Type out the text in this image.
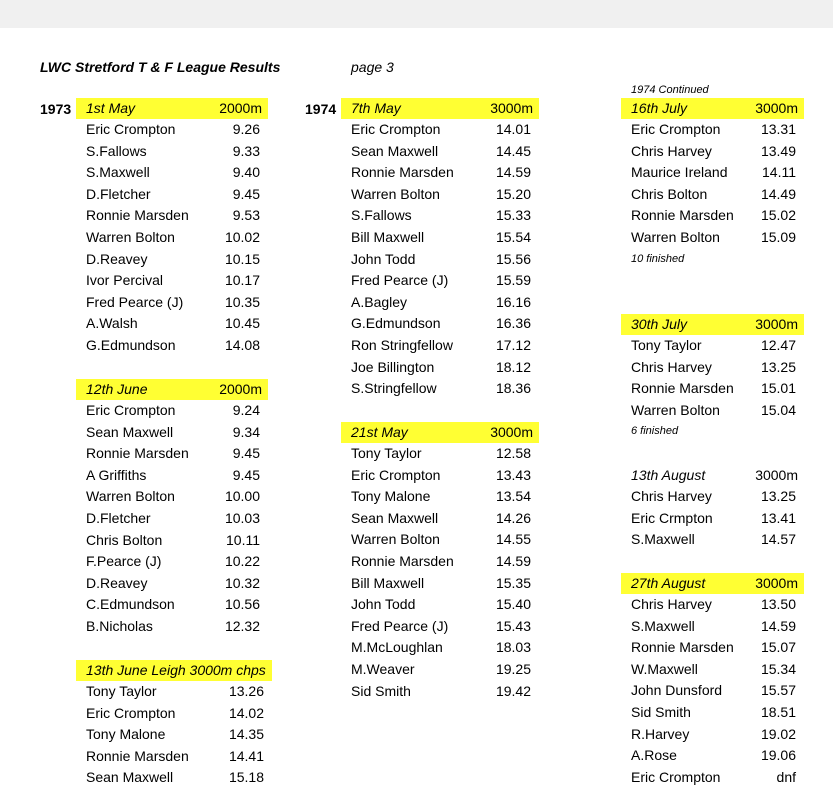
LWC Stretford T & F League Results	page 3
1974 Continued
1973	1974
1st May	2000m
Eric Crompton	9.26
S.Fallows	9.33
S.Maxwell	9.40
D.Fletcher	9.45
Ronnie Marsden	9.53
Warren Bolton	10.02
D.Reavey	10.15
Ivor Percival	10.17
Fred Pearce (J)	10.35
A.Walsh	10.45
G.Edmundson	14.08
12th June	2000m
Eric Crompton	9.24
Sean Maxwell	9.34
Ronnie Marsden	9.45
A Griffiths	9.45
Warren Bolton	10.00
D.Fletcher	10.03
Chris Bolton	10.11
F.Pearce (J)	10.22
D.Reavey	10.32
C.Edmundson	10.56
B.Nicholas	12.32
13th June Leigh 3000m chps
Tony Taylor	13.26
Eric Crompton	14.02
Tony Malone	14.35
Ronnie Marsden	14.41
Sean Maxwell	15.18
7th May	3000m
Eric Crompton	14.01
Sean Maxwell	14.45
Ronnie Marsden	14.59
Warren Bolton	15.20
S.Fallows	15.33
Bill Maxwell	15.54
John Todd	15.56
Fred Pearce (J)	15.59
A.Bagley	16.16
G.Edmundson	16.36
Ron Stringfellow	17.12
Joe Billington	18.12
S.Stringfellow	18.36
21st May	3000m
Tony Taylor	12.58
Eric Crompton	13.43
Tony Malone	13.54
Sean Maxwell	14.26
Warren Bolton	14.55
Ronnie Marsden	14.59
Bill Maxwell	15.35
John Todd	15.40
Fred Pearce (J)	15.43
M.McLoughlan	18.03
M.Weaver	19.25
Sid Smith	19.42
16th July	3000m
Eric Crompton	13.31
Chris Harvey	13.49
Maurice Ireland 14.11
Chris Bolton	14.49
Ronnie Marsden 15.02
Warren Bolton	15.09
10 finished
30th July	3000m
Tony Taylor	12.47
Chris Harvey	13.25
Ronnie Marsden 15.01
Warren Bolton	15.04
6 finished
13th August	3000m
Chris Harvey	13.25
Eric Crmpton	13.41
S.Maxwell	14.57
27th August	3000m
Chris Harvey	13.50
S.Maxwell	14.59
Ronnie Marsden 15.07
W.Maxwell	15.34
John Dunsford	15.57
Sid Smith	18.51
R.Harvey	19.02
A.Rose	19.06
Eric Crompton	dnf
